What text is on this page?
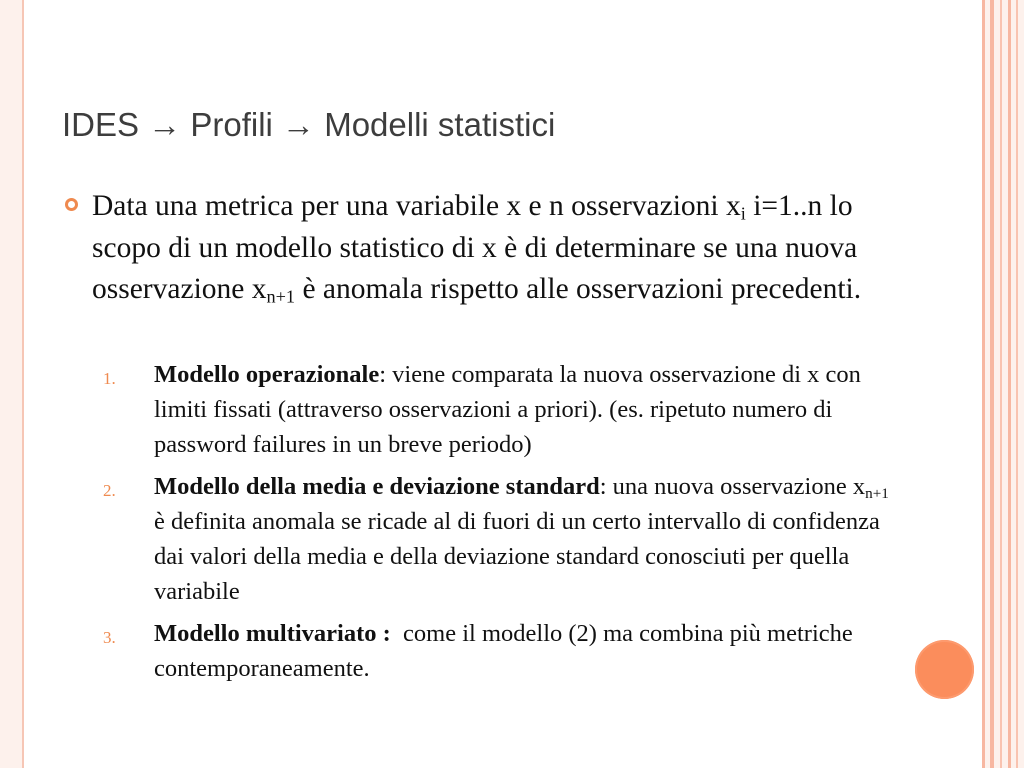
IDES → Profili → Modelli statistici

Data una metrica per una variabile x e n osservazioni $x_i$ i=1..n lo scopo di un modello statistico di x è di determinare se una nuova osservazione $x_{n+1}$ è anomala rispetto alle osservazioni precedenti.

1. Modello operazionale: viene comparata la nuova osservazione di x con limiti fissati (attraverso osservazioni a priori). (es. ripetuto numero di password failures in un breve periodo)
2. Modello della media e deviazione standard: una nuova osservazione $x_{n+1}$ è definita anomala se ricade al di fuori di un certo intervallo di confidenza dai valori della media e della deviazione standard conosciuti per quella variabile
3. Modello multivariato :  come il modello (2) ma combina più metriche contemporaneamente.
